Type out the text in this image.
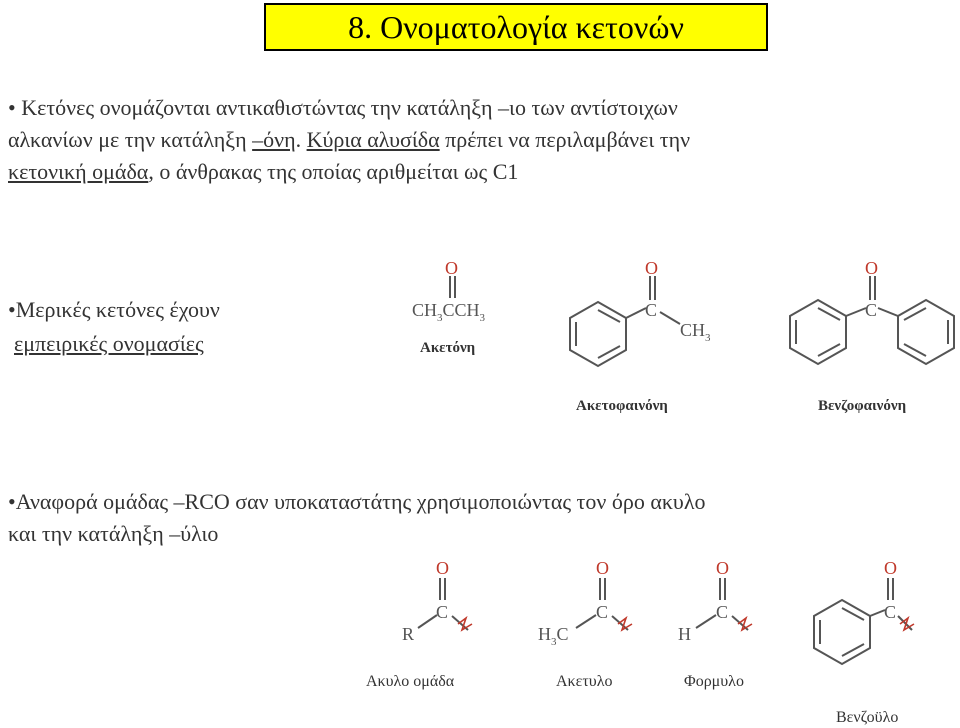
8. Ονοματολογία κετονών
• Κετόνες ονομάζονται αντικαθιστώντας την κατάληξη –ιο των αντίστοιχων
αλκανίων με την κατάληξη –όνη. Κύρια αλυσίδα πρέπει να περιλαμβάνει την
κετονική ομάδα, ο άνθρακας της οποίας αριθμείται ως C1
•Μερικές κετόνες έχουν
εμπειρικές ονομασίες
•Αναφορά ομάδας –RCO σαν υποκαταστάτης χρησιμοποιώντας τον όρο ακυλο
και την κατάληξη –ύλιο
O
$CH_3CCH_3$
Ακετόνη
O
C
$CH_3$
Ακετοφαινόνη
O
C
Βενζοφαινόνη
O
C
R
Ακυλο ομάδα
O
C
$H_3C$
Ακετυλο
O
C
H
Φορμυλο
O
C
Βενζοϋλο
